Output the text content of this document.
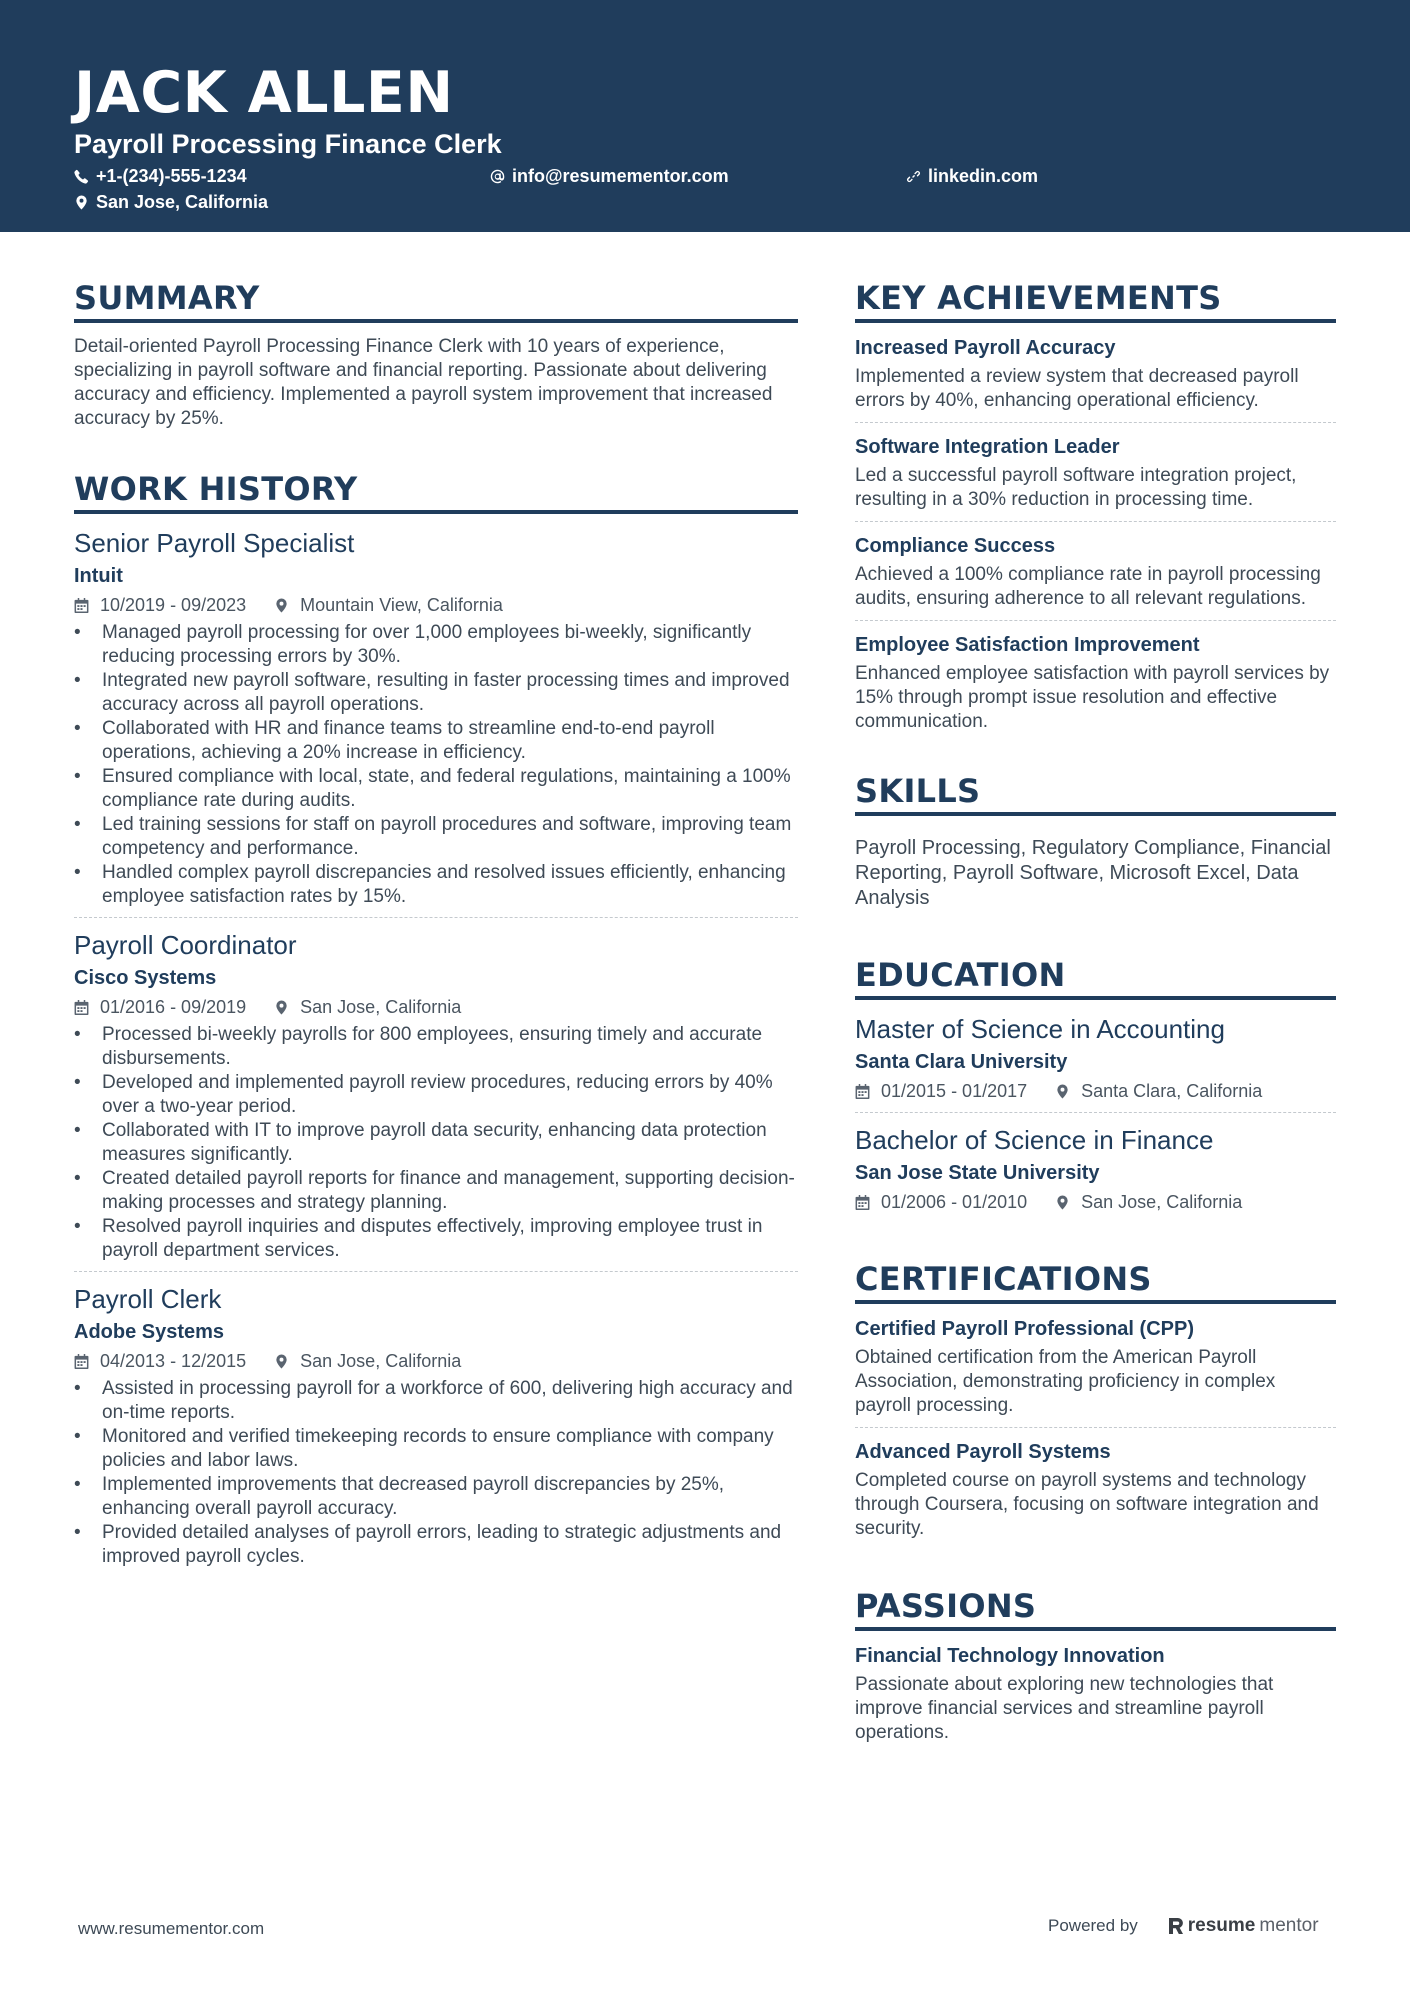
JACK ALLEN
Payroll Processing Finance Clerk
+1-(234)-555-1234	info@resumementor.com	linkedin.com
San Jose, California
SUMMARY
Detail-oriented Payroll Processing Finance Clerk with 10 years of experience, specializing in payroll software and financial reporting. Passionate about delivering accuracy and efficiency. Implemented a payroll system improvement that increased accuracy by 25%.
WORK HISTORY
Senior Payroll Specialist
Intuit
10/2019 - 09/2023	Mountain View, California
• Managed payroll processing for over 1,000 employees bi-weekly, significantly reducing processing errors by 30%.
• Integrated new payroll software, resulting in faster processing times and improved accuracy across all payroll operations.
• Collaborated with HR and finance teams to streamline end-to-end payroll operations, achieving a 20% increase in efficiency.
• Ensured compliance with local, state, and federal regulations, maintaining a 100% compliance rate during audits.
• Led training sessions for staff on payroll procedures and software, improving team competency and performance.
• Handled complex payroll discrepancies and resolved issues efficiently, enhancing employee satisfaction rates by 15%.
Payroll Coordinator
Cisco Systems
01/2016 - 09/2019	San Jose, California
• Processed bi-weekly payrolls for 800 employees, ensuring timely and accurate disbursements.
• Developed and implemented payroll review procedures, reducing errors by 40% over a two-year period.
• Collaborated with IT to improve payroll data security, enhancing data protection measures significantly.
• Created detailed payroll reports for finance and management, supporting decision-making processes and strategy planning.
• Resolved payroll inquiries and disputes effectively, improving employee trust in payroll department services.
Payroll Clerk
Adobe Systems
04/2013 - 12/2015	San Jose, California
• Assisted in processing payroll for a workforce of 600, delivering high accuracy and on-time reports.
• Monitored and verified timekeeping records to ensure compliance with company policies and labor laws.
• Implemented improvements that decreased payroll discrepancies by 25%, enhancing overall payroll accuracy.
• Provided detailed analyses of payroll errors, leading to strategic adjustments and improved payroll cycles.
KEY ACHIEVEMENTS
Increased Payroll Accuracy
Implemented a review system that decreased payroll errors by 40%, enhancing operational efficiency.
Software Integration Leader
Led a successful payroll software integration project, resulting in a 30% reduction in processing time.
Compliance Success
Achieved a 100% compliance rate in payroll processing audits, ensuring adherence to all relevant regulations.
Employee Satisfaction Improvement
Enhanced employee satisfaction with payroll services by 15% through prompt issue resolution and effective communication.
SKILLS
Payroll Processing, Regulatory Compliance, Financial Reporting, Payroll Software, Microsoft Excel, Data Analysis
EDUCATION
Master of Science in Accounting
Santa Clara University
01/2015 - 01/2017	Santa Clara, California
Bachelor of Science in Finance
San Jose State University
01/2006 - 01/2010	San Jose, California
CERTIFICATIONS
Certified Payroll Professional (CPP)
Obtained certification from the American Payroll Association, demonstrating proficiency in complex payroll processing.
Advanced Payroll Systems
Completed course on payroll systems and technology through Coursera, focusing on software integration and security.
PASSIONS
Financial Technology Innovation
Passionate about exploring new technologies that improve financial services and streamline payroll operations.
www.resumementor.com	Powered by	resume mentor
